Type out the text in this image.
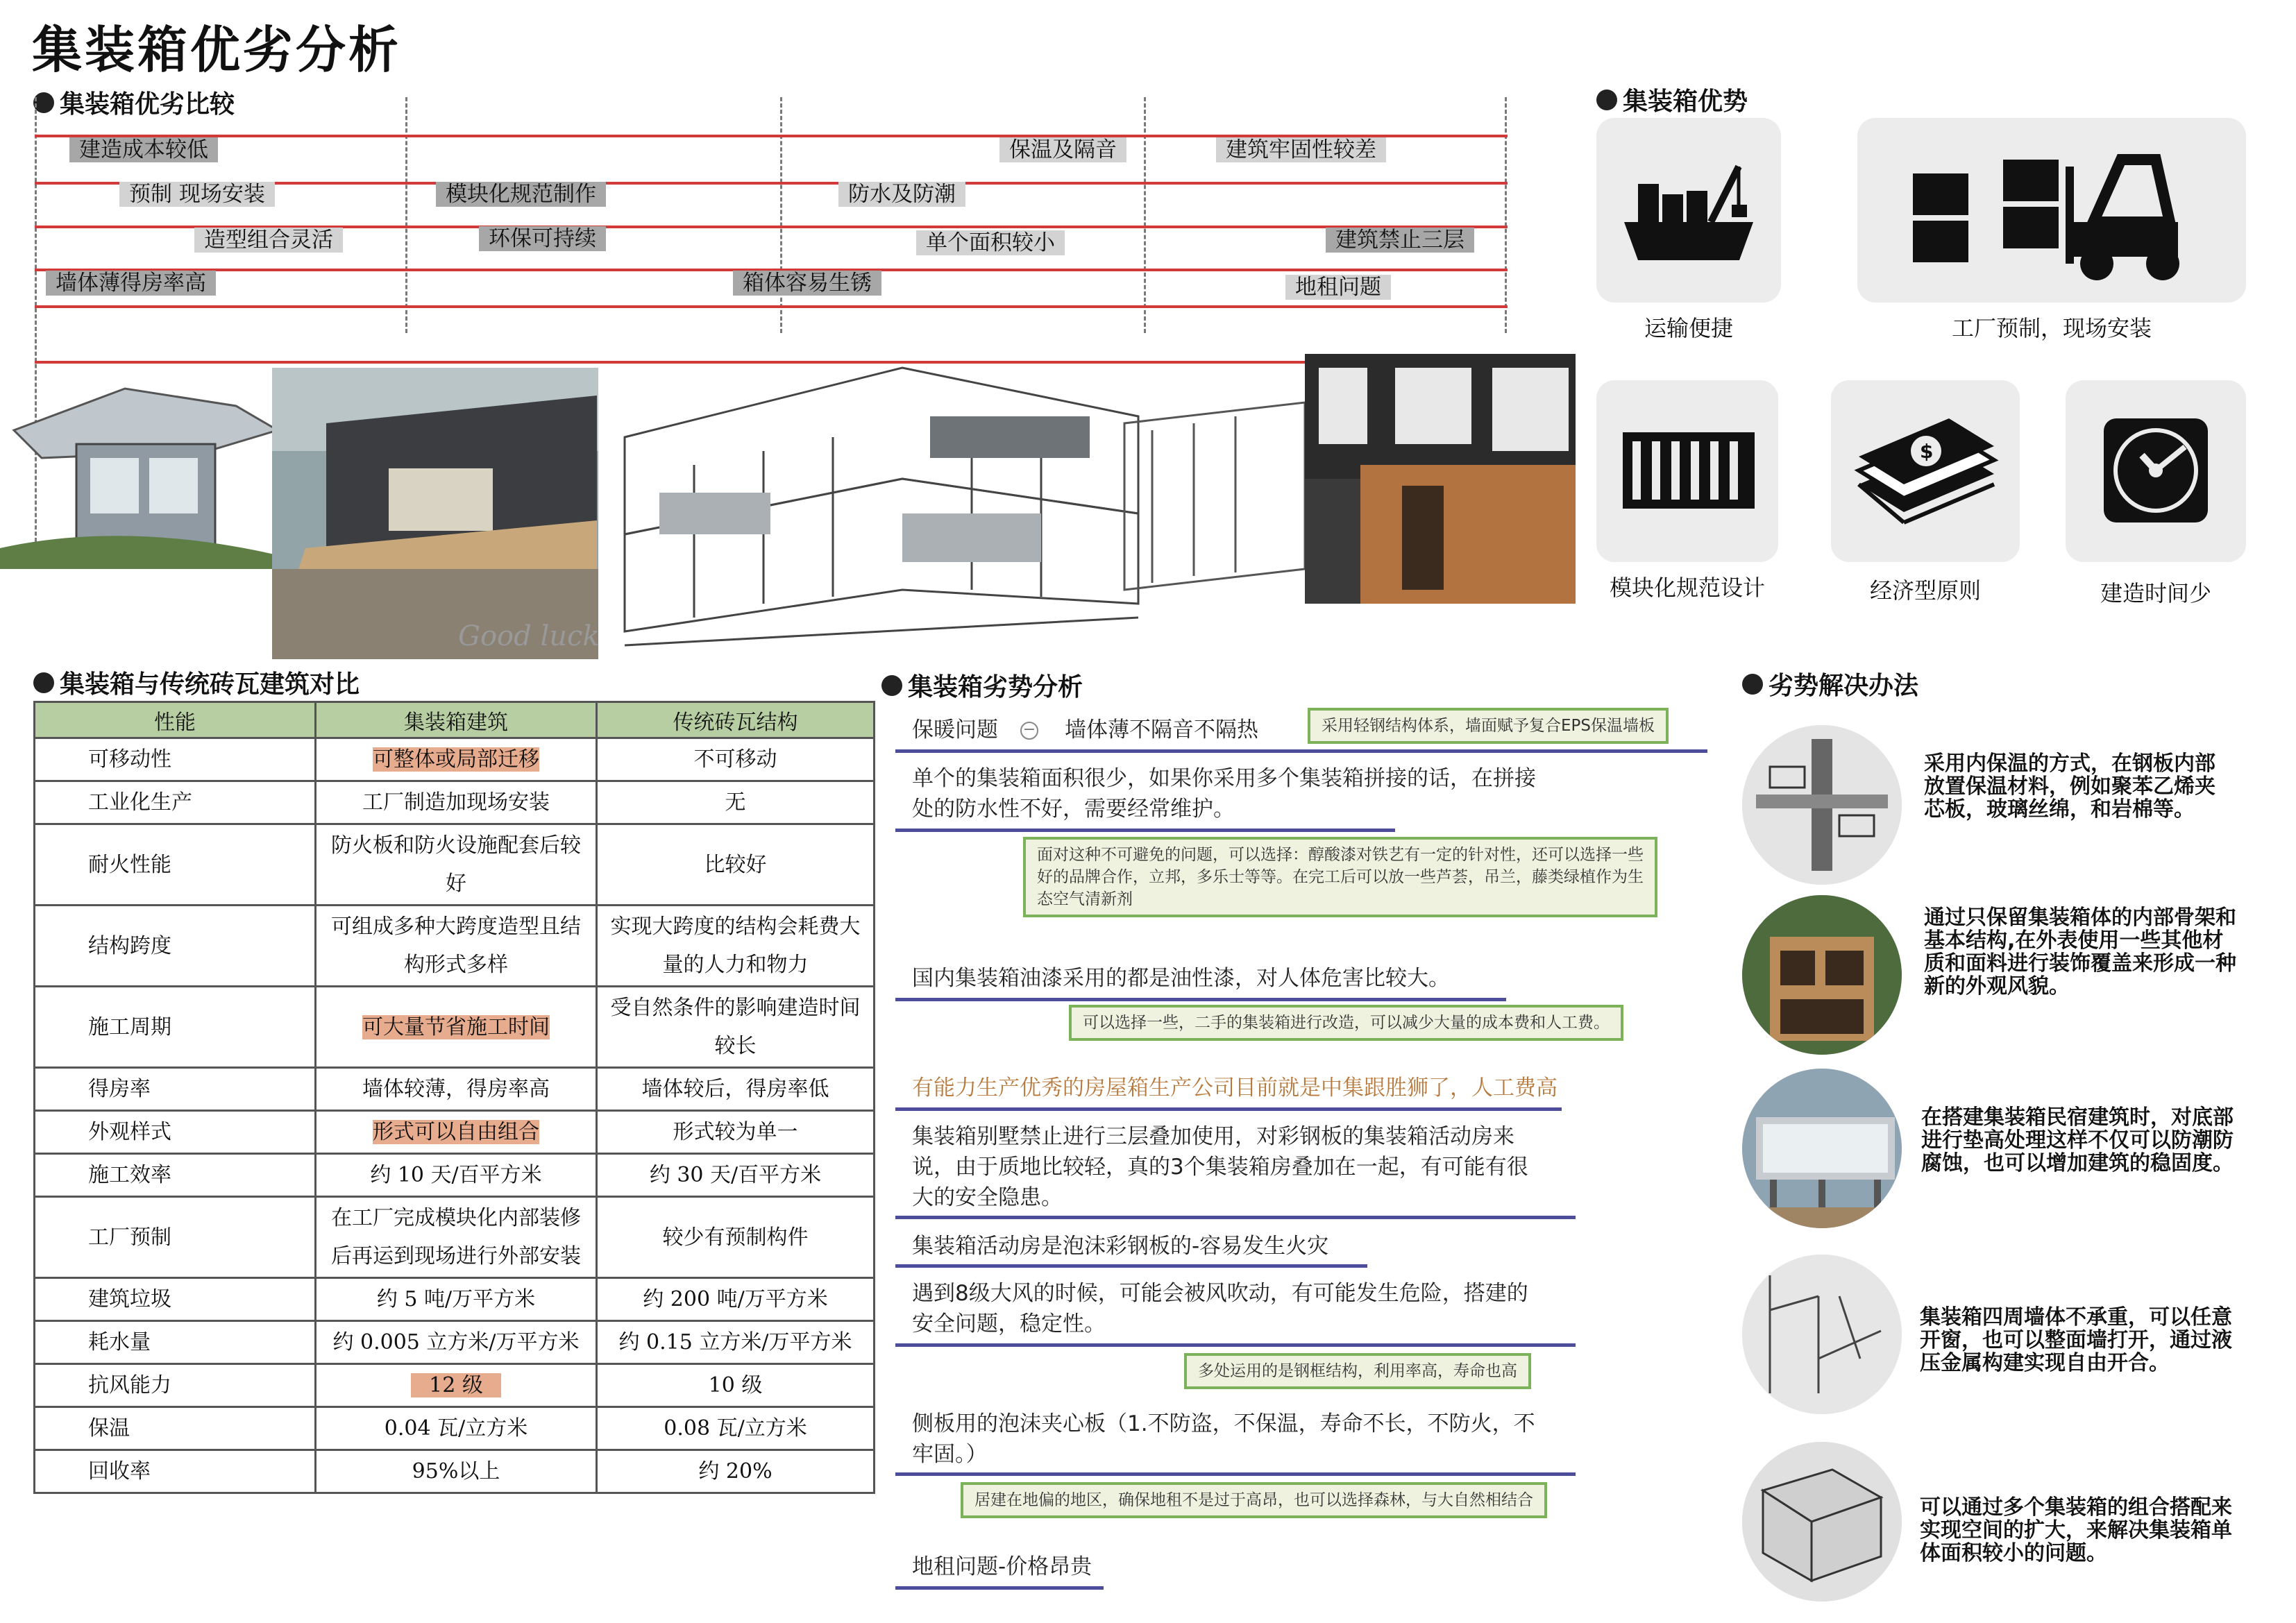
集装箱优劣分析
集装箱优劣比较
建造成本较低	保温及隔音	建筑牢固性较差
预制 现场安装	模块化规范制作	防水及防潮
造型组合灵活	环保可持续	单个面积较小	建筑禁止三层
墙体薄得房率高	箱体容易生锈	地租问题
Good luck
集装箱优势
运输便捷	工厂预制，现场安装
模块化规范设计
$
经济型原则	建造时间少
集装箱与传统砖瓦建筑对比
性能	集装箱建筑	传统砖瓦结构
可移动性	可整体或局部迁移	不可移动
工业化生产	工厂制造加现场安装	无
耐火性能	防火板和防火设施配套后较好	比较好
结构跨度	可组成多种大跨度造型且结构形式多样	实现大跨度的结构会耗费大量的人力和物力
施工周期	可大量节省施工时间	受自然条件的影响建造时间较长
得房率	墙体较薄，得房率高	墙体较后，得房率低
外观样式	形式可以自由组合	形式较为单一
施工效率	约 10 天/百平方米	约 30 天/百平方米
工厂预制	在工厂完成模块化内部装修后再运到现场进行外部安装	较少有预制构件
建筑垃圾	约 5 吨/万平方米	约 200 吨/万平方米
耗水量	约 0.005 立方米/万平方米	约 0.15 立方米/万平方米
抗风能力	12 级	10 级
保温	0.04 瓦/立方米	0.08 瓦/立方米
回收率	95%以上	约 20%
集装箱劣势分析
保暖问题 − 墙体薄不隔音不隔热	采用轻钢结构体系，墙面赋予复合EPS保温墙板
单个的集装箱面积很少，如果你采用多个集装箱拼接的话，在拼接
处的防水性不好，需要经常维护。
面对这种不可避免的问题，可以选择：醇酸漆对铁艺有一定的针对性，还可以选择一些
好的品牌合作，立邦，多乐士等等。在完工后可以放一些芦荟，吊兰，藤类绿植作为生
态空气清新剂
国内集装箱油漆采用的都是油性漆，对人体危害比较大。
可以选择一些，二手的集装箱进行改造，可以减少大量的成本费和人工费。
有能力生产优秀的房屋箱生产公司目前就是中集跟胜狮了，人工费高
集装箱别墅禁止进行三层叠加使用，对彩钢板的集装箱活动房来
说，由于质地比较轻，真的3个集装箱房叠加在一起，有可能有很
大的安全隐患。
集装箱活动房是泡沫彩钢板的-容易发生火灾
遇到8级大风的时候，可能会被风吹动，有可能发生危险，搭建的
安全问题，稳定性。
多处运用的是钢框结构，利用率高，寿命也高
侧板用的泡沫夹心板（1.不防盗，不保温，寿命不长，不防火，不
牢固。）
居建在地偏的地区，确保地租不是过于高昂，也可以选择森林，与大自然相结合
地租问题-价格昂贵
劣势解决办法
采用内保温的方式，在钢板内部
放置保温材料，例如聚苯乙烯夹
芯板，玻璃丝绵，和岩棉等。
通过只保留集装箱体的内部骨架和
基本结构,在外表使用一些其他材
质和面料进行装饰覆盖来形成一种
新的外观风貌。
在搭建集装箱民宿建筑时，对底部
进行垫高处理这样不仅可以防潮防
腐蚀，也可以增加建筑的稳固度。
集装箱四周墙体不承重，可以任意
开窗，也可以整面墙打开，通过液
压金属构建实现自由开合。
可以通过多个集装箱的组合搭配来
实现空间的扩大，来解决集装箱单
体面积较小的问题。
